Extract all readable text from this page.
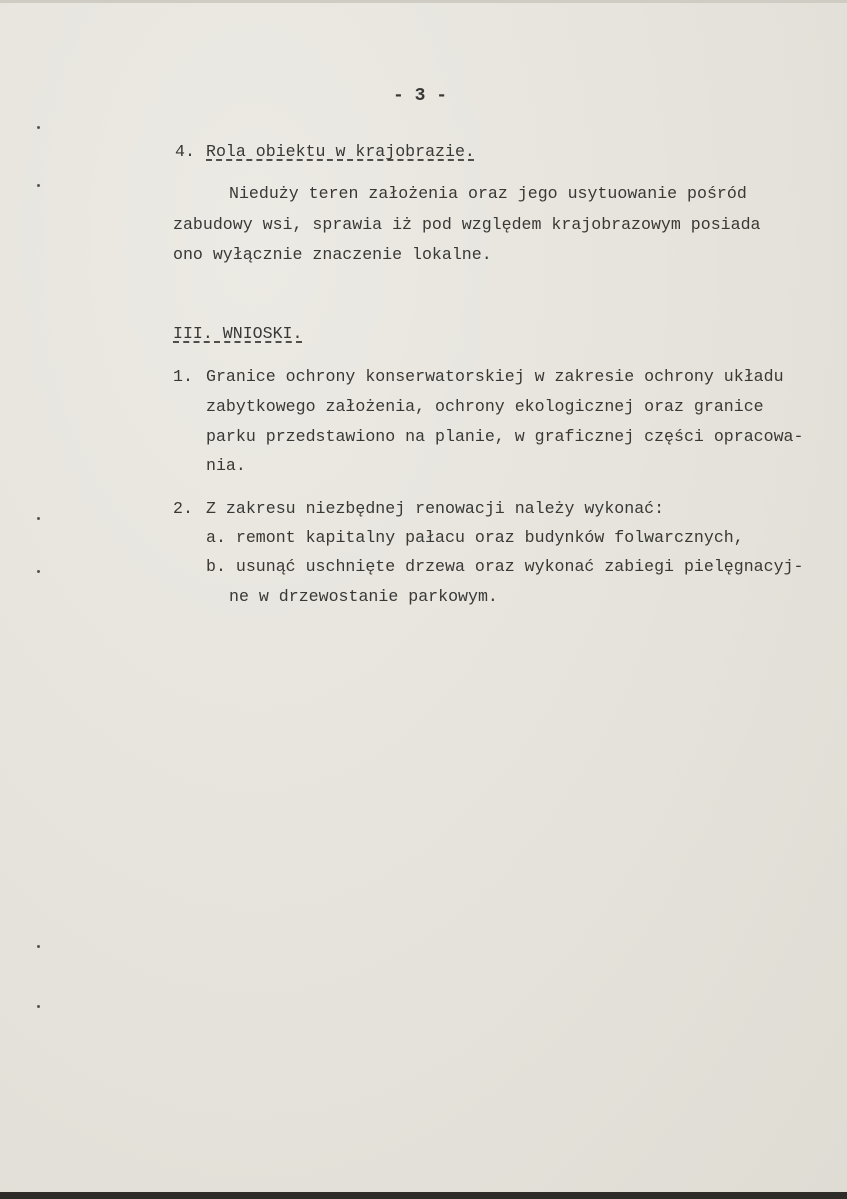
- 3 -
4. Rola obiektu w krajobrazie.
Nieduży teren założenia oraz jego usytuowanie pośród
zabudowy wsi, sprawia iż pod względem krajobrazowym posiada
ono wyłącznie znaczenie lokalne.
III. WNIOSKI.
1. Granice ochrony konserwatorskiej w zakresie ochrony układu
zabytkowego założenia, ochrony ekologicznej oraz granice
parku przedstawiono na planie, w graficznej części opracowa-
nia.
2. Z zakresu niezbędnej renowacji należy wykonać:
a. remont kapitalny pałacu oraz budynków folwarcznych,
b. usunąć uschnięte drzewa oraz wykonać zabiegi pielęgnacyj-
ne w drzewostanie parkowym.
